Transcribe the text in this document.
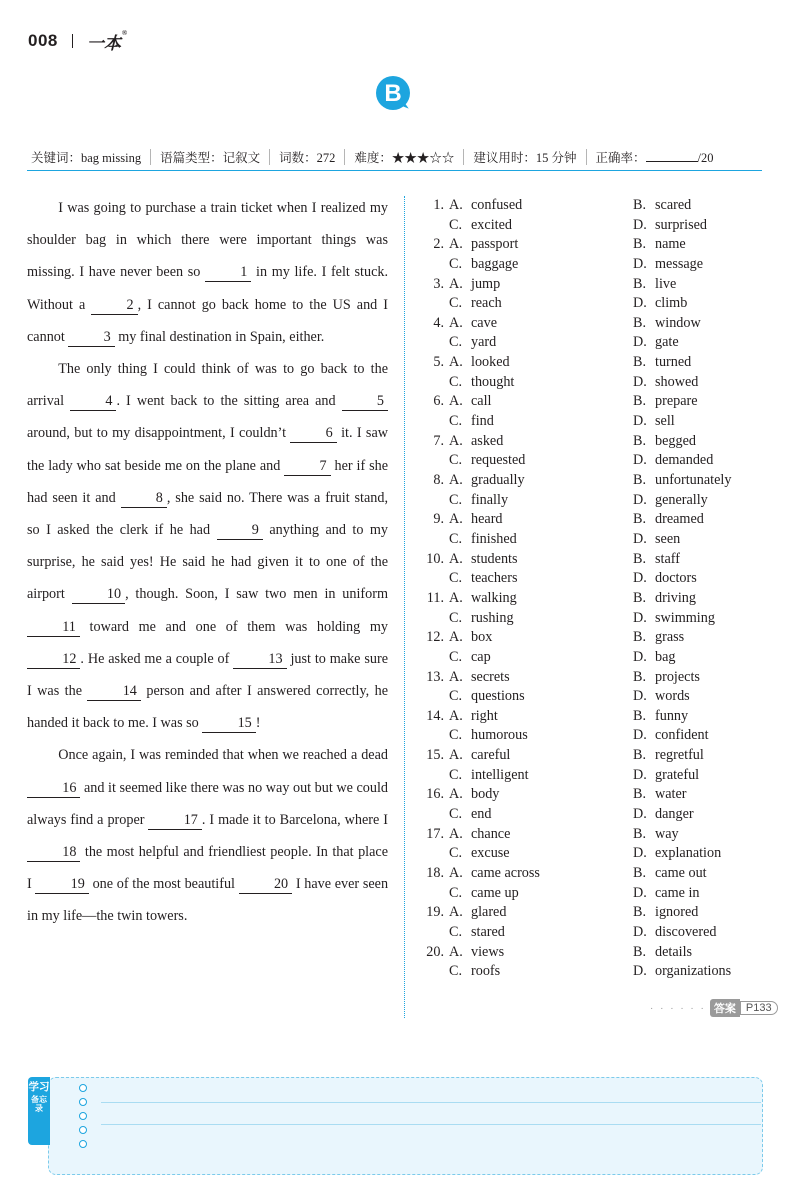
008 一本®
B
关键词：bag missing	语篇类型：记叙文	词数：272	难度：★★★☆☆	建议用时：15 分钟	正确率：	/20

I was going to purchase a train ticket when I realized my shoulder bag in which there were important things was missing. I have never been so	1 in my life. I felt stuck. Without a	2 , I cannot go back home to the US and I cannot	3 my final destination in Spain, either.

The only thing I could think of was to go back to the arrival	4 . I went back to the sitting area and	5 around, but to my disappointment, I couldn’t	6 it. I saw the lady who sat beside me on the plane and	7 her if she had seen it and	8 , she said no. There was a fruit stand, so I asked the clerk if he had	9 anything and to my surprise, he said yes! He said he had given it to one of the airport	10 , though. Soon, I saw two men in uniform 11 toward me and one of them was holding my 12 . He asked me a couple of	13 just to make sure I was the	14 person and after I answered correctly, he handed it back to me. I was so	15 !

Once again, I was reminded that when we reached a dead 16 and it seemed like there was no way out but we could always find a proper	17 . I made it to Barcelona, where I 18 the most helpful and friendliest people. In that place I	19 one of the most beautiful	20 I have ever seen in my life—the twin towers.

1. A. confused	B. scared
C. excited	D. surprised
2. A. passport	B. name
C. baggage	D. message
3. A. jump	B. live
C. reach	D. climb
4. A. cave	B. window
C. yard	D. gate
5. A. looked	B. turned
C. thought	D. showed
6. A. call	B. prepare
C. find	D. sell
7. A. asked	B. begged
C. requested	D. demanded
8. A. gradually	B. unfortunately
C. finally	D. generally
9. A. heard	B. dreamed
C. finished	D. seen
10. A. students	B. staff
C. teachers	D. doctors
11. A. walking	B. driving
C. rushing	D. swimming
12. A. box	B. grass
C. cap	D. bag
13. A. secrets	B. projects
C. questions	D. words
14. A. right	B. funny
C. humorous	D. confident
15. A. careful	B. regretful
C. intelligent	D. grateful
16. A. body	B. water
C. end	D. danger
17. A. chance	B. way
C. excuse	D. explanation
18. A. came across	B. came out
C. came up	D. came in
19. A. glared	B. ignored
C. stared	D. discovered
20. A. views	B. details
C. roofs	D. organizations
· · · · · · 答案 P133
学习
备忘录
